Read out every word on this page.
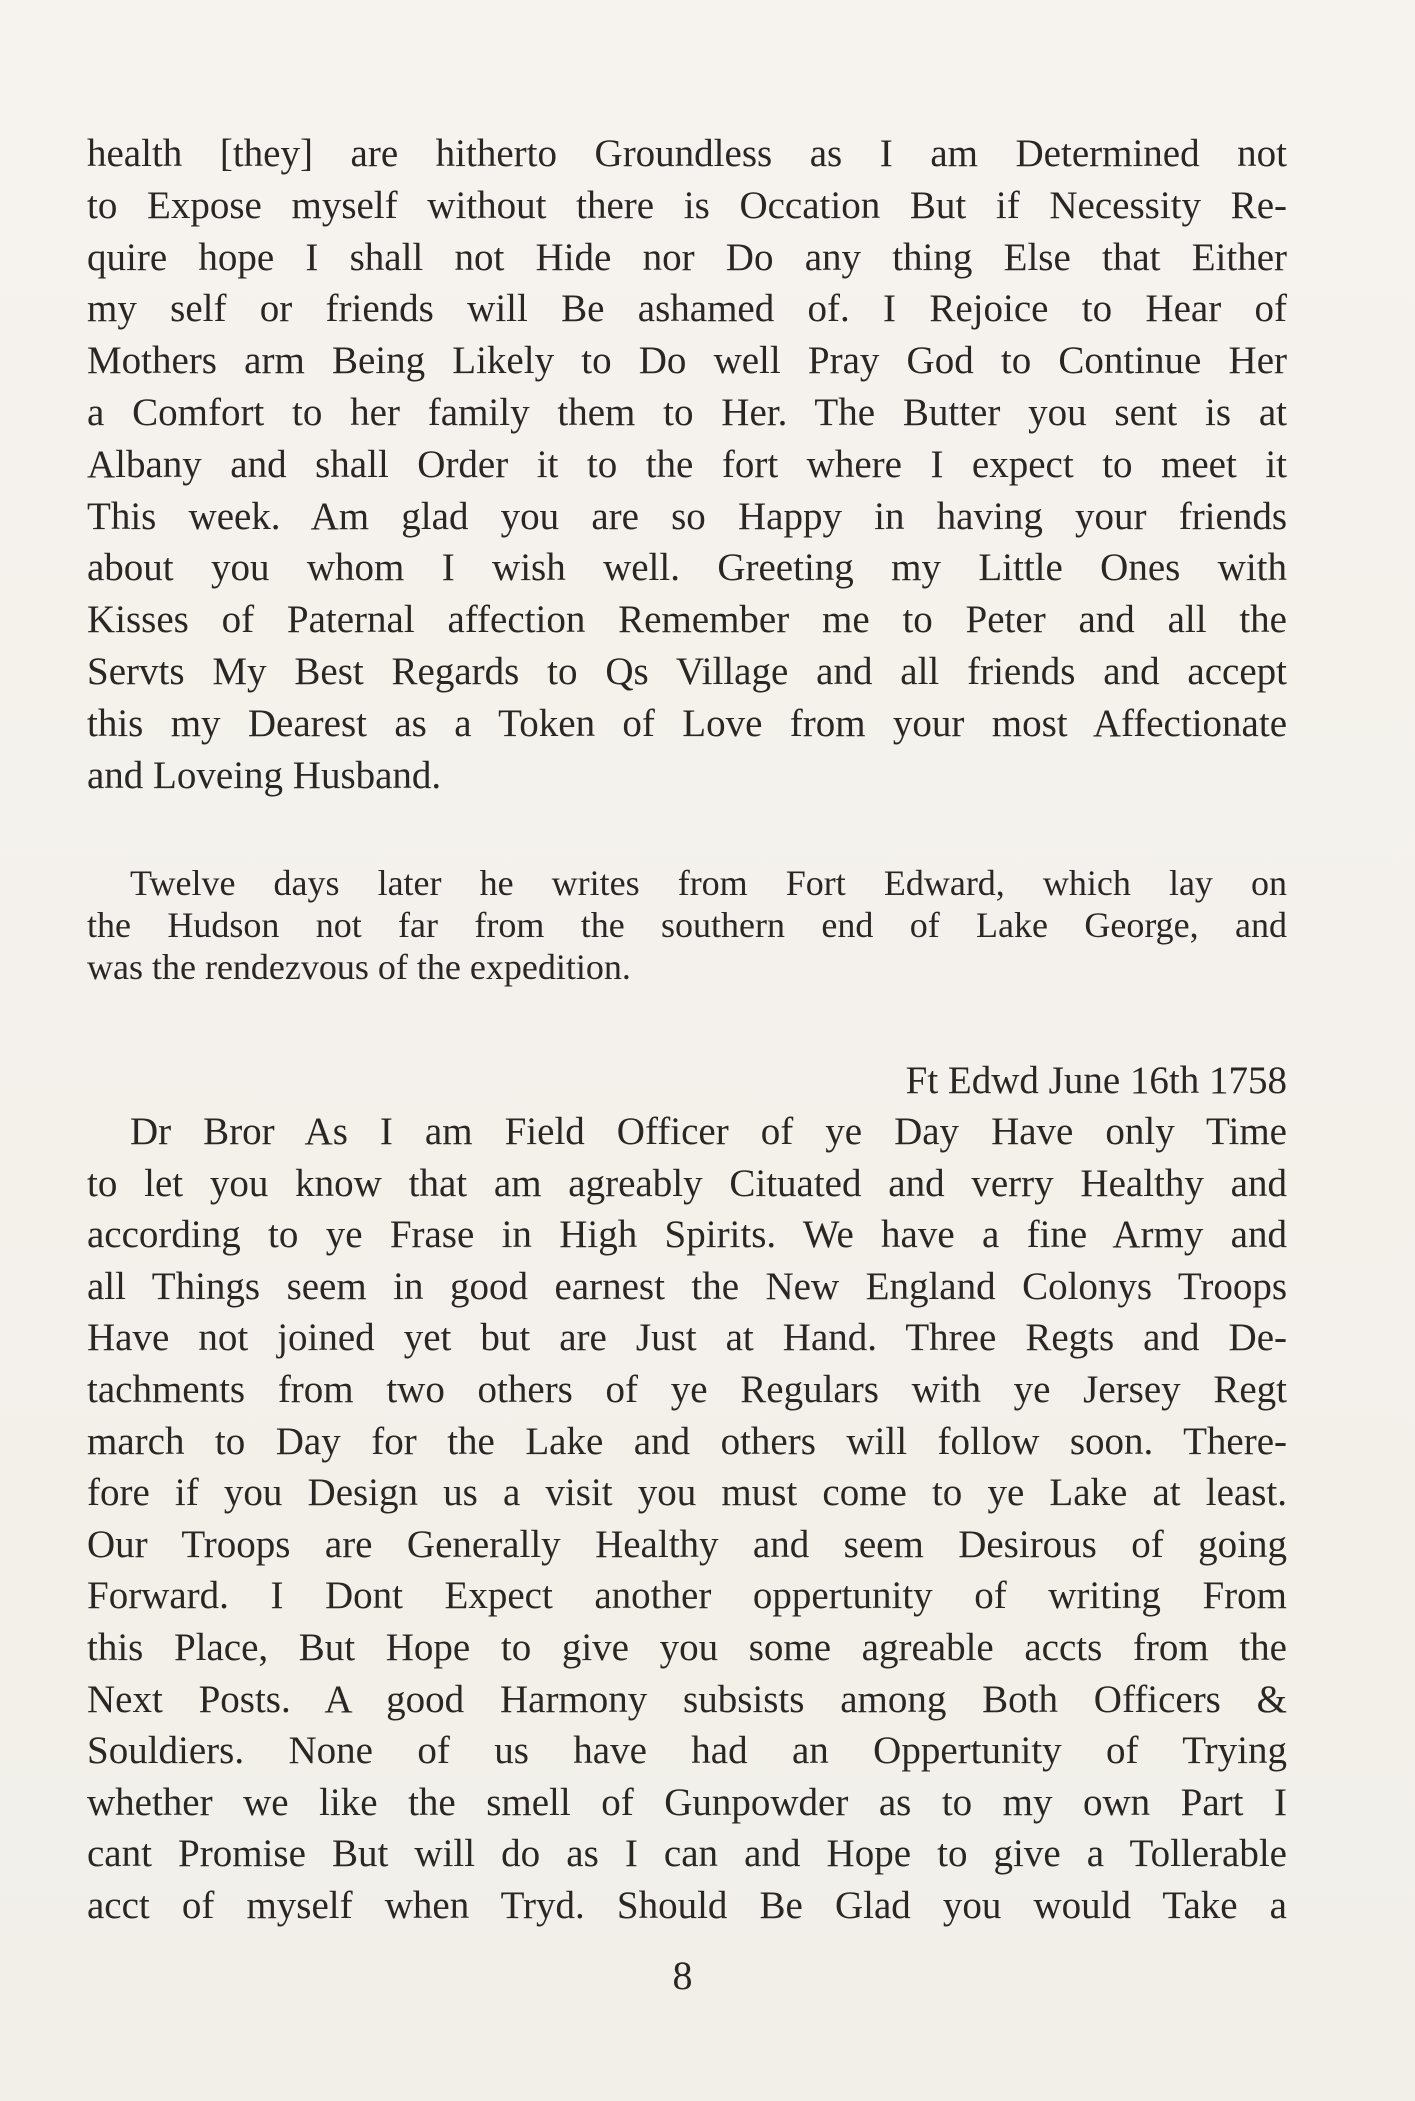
health [they] are hitherto Groundless as I am Determined not
to Expose myself without there is Occation But if Necessity Re-
quire hope I shall not Hide nor Do any thing Else that Either
my self or friends will Be ashamed of. I Rejoice to Hear of
Mothers arm Being Likely to Do well Pray God to Continue Her
a Comfort to her family them to Her. The Butter you sent is at
Albany and shall Order it to the fort where I expect to meet it
This week. Am glad you are so Happy in having your friends
about you whom I wish well. Greeting my Little Ones with
Kisses of Paternal affection Remember me to Peter and all the
Servts My Best Regards to Qs Village and all friends and accept
this my Dearest as a Token of Love from your most Affectionate
and Loveing Husband.
Twelve days later he writes from Fort Edward, which lay on
the Hudson not far from the southern end of Lake George, and
was the rendezvous of the expedition.
Ft Edwd June 16th 1758
Dr Bror As I am Field Officer of ye Day Have only Time
to let you know that am agreably Cituated and verry Healthy and
according to ye Frase in High Spirits. We have a fine Army and
all Things seem in good earnest the New England Colonys Troops
Have not joined yet but are Just at Hand. Three Regts and De-
tachments from two others of ye Regulars with ye Jersey Regt
march to Day for the Lake and others will follow soon. There-
fore if you Design us a visit you must come to ye Lake at least.
Our Troops are Generally Healthy and seem Desirous of going
Forward. I Dont Expect another oppertunity of writing From
this Place, But Hope to give you some agreable accts from the
Next Posts. A good Harmony subsists among Both Officers &
Souldiers. None of us have had an Oppertunity of Trying
whether we like the smell of Gunpowder as to my own Part I
cant Promise But will do as I can and Hope to give a Tollerable
acct of myself when Tryd. Should Be Glad you would Take a
8
